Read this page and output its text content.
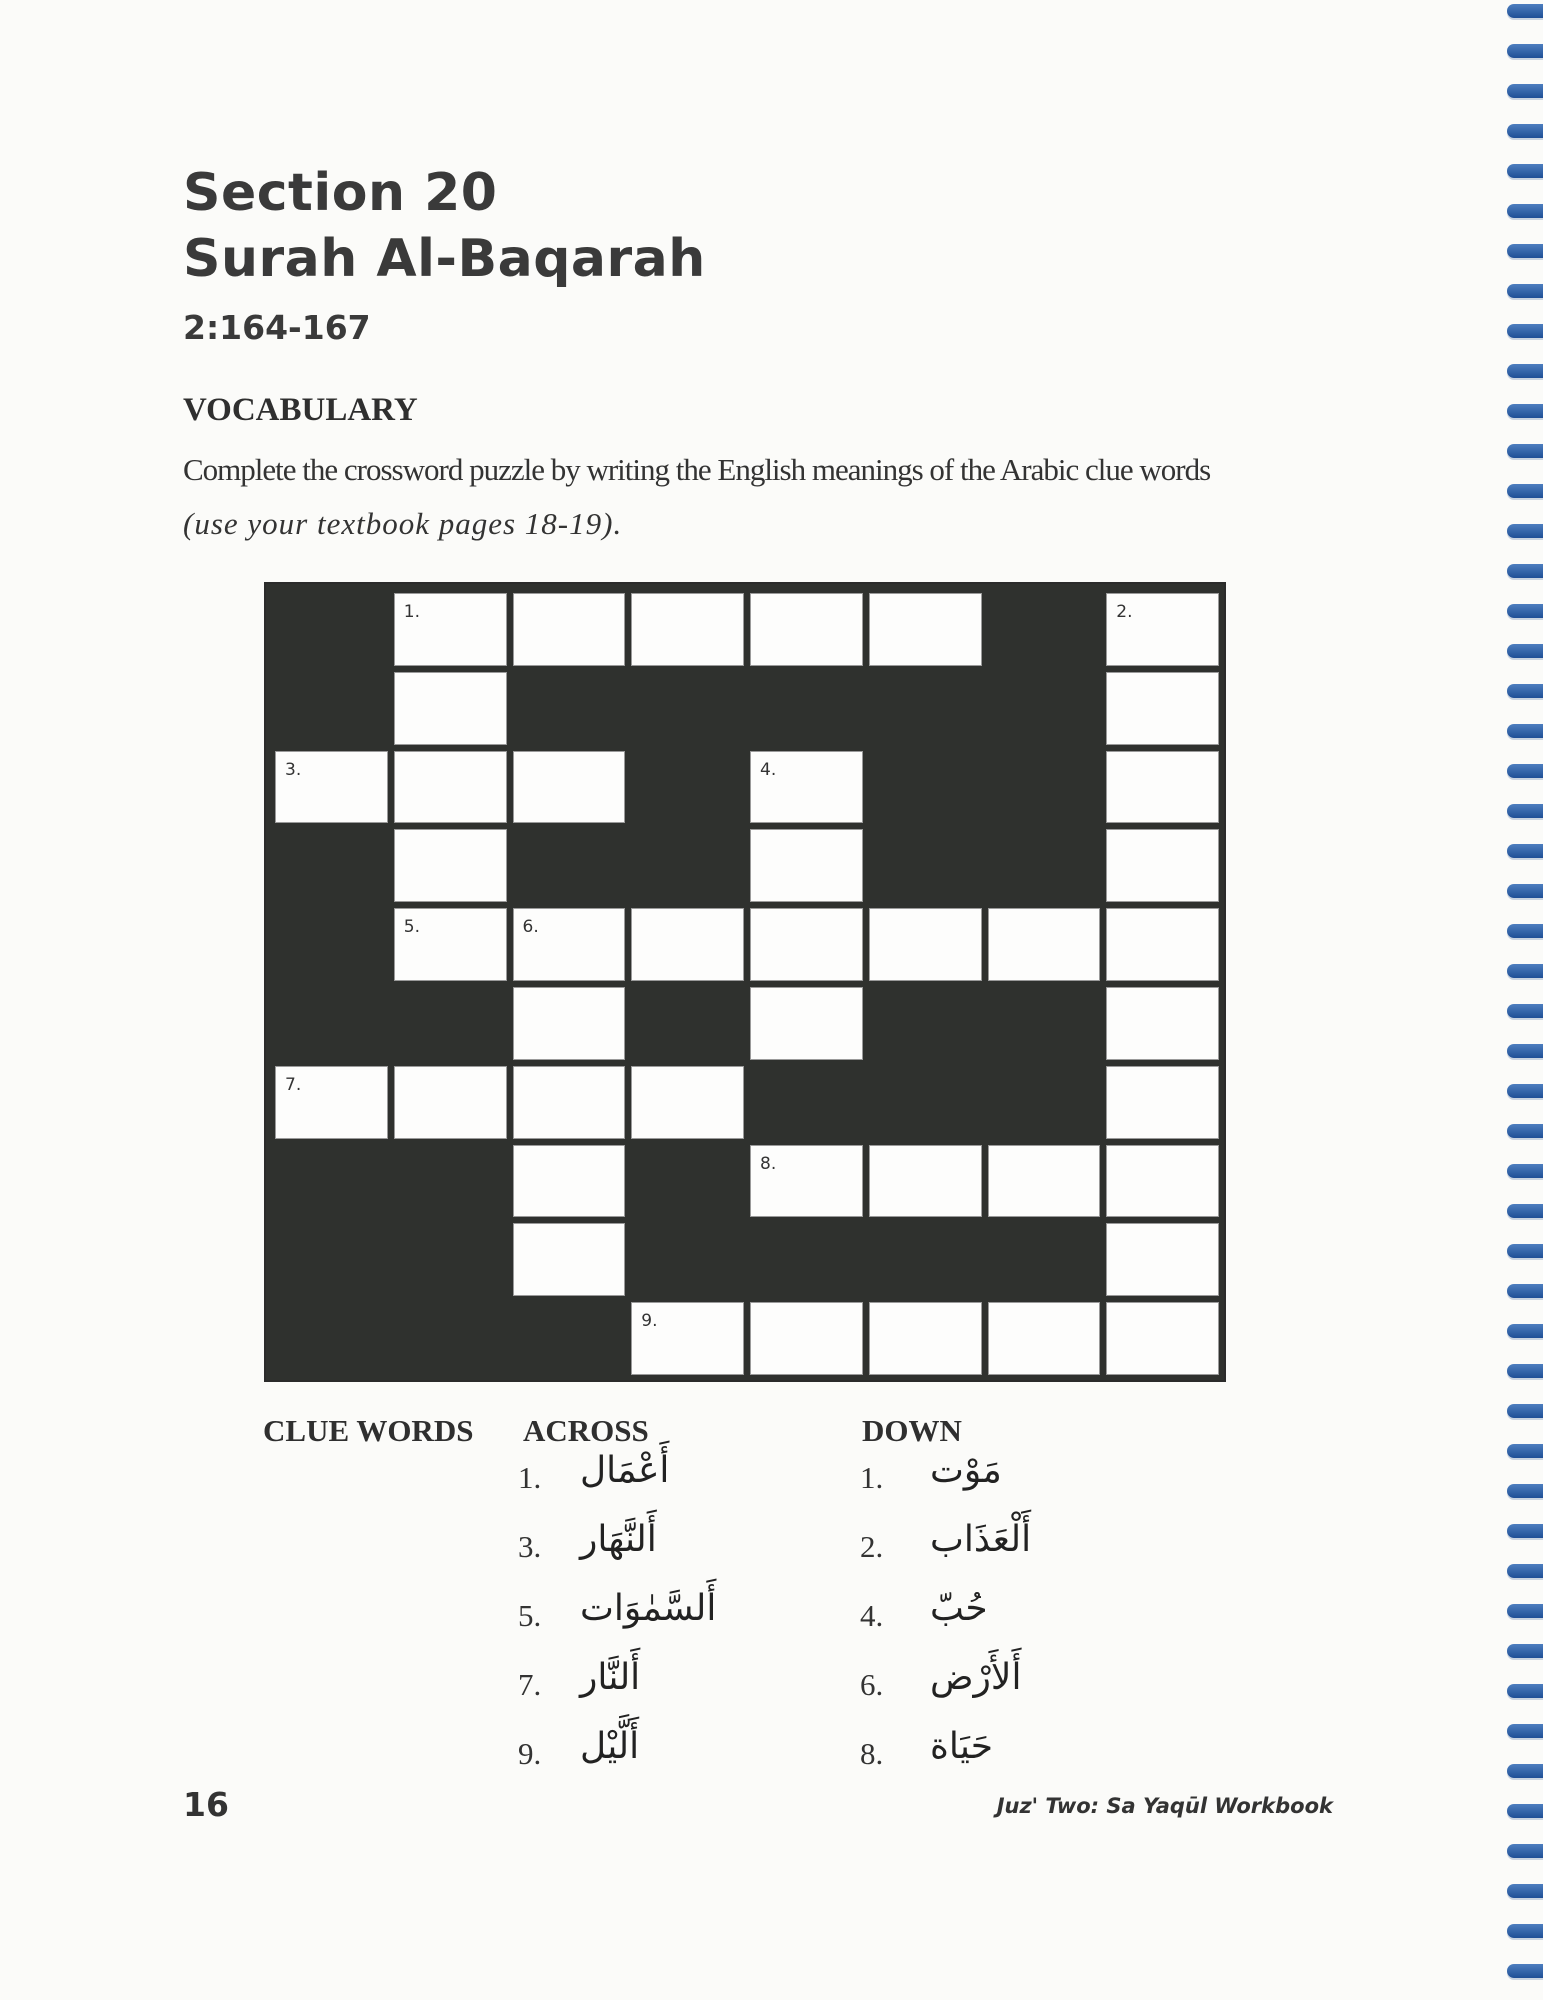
Section 20
Surah Al-Baqarah
2:164-167
VOCABULARY
Complete the crossword puzzle by writing the English meanings of the Arabic clue words
(use your textbook pages 18-19).
1.	2.
3.	4.
5.	6.
7.
8.
9.
CLUE WORDS ACROSS	DOWN
1. أَعْمَال
3. أَلنَّهَار
5. أَلسَّمٰوَات
7. أَلنَّار
9. أَلَّيْل
1. مَوْت
2. أَلْعَذَاب
4. حُبّ
6. أَلأَرْض
8. حَيَاة
16	Juz' Two: Sa Yaqūl Workbook
